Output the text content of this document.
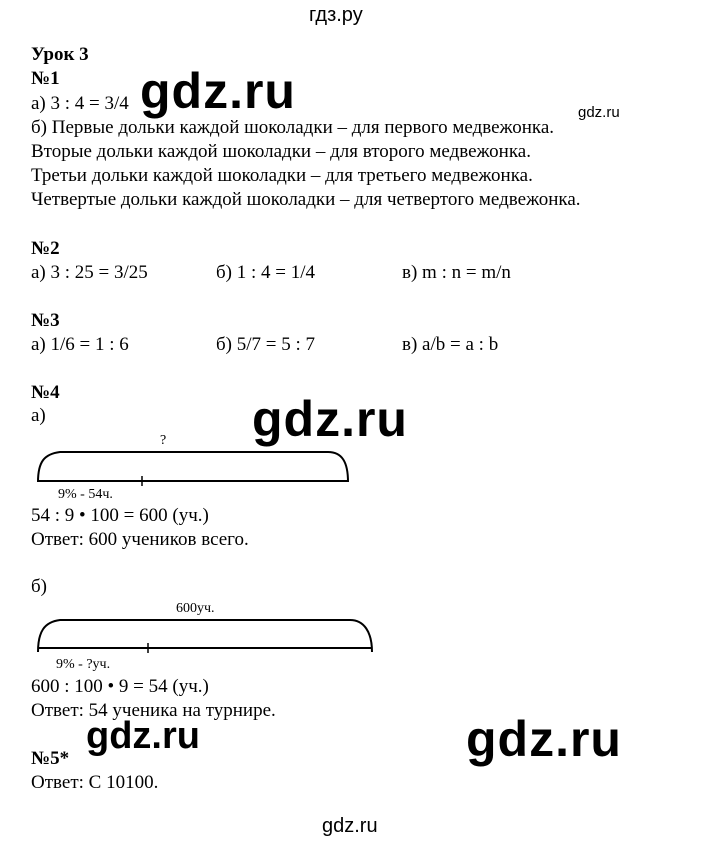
гдз.ру
Урок 3
№1
а) 3 : 4 = 3/4
б) Первые дольки каждой шоколадки – для первого медвежонка.
Вторые дольки каждой шоколадки – для второго медвежонка.
Третьи дольки каждой шоколадки – для третьего медвежонка.
Четвертые дольки каждой шоколадки – для четвертого медвежонка.
gdz.ru	gdz.ru
№2
а) 3 : 25 = 3/25	б) 1 : 4 = 1/4	в) m : n = m/n
№3
а) 1/6 = 1 : 6	б) 5/7 = 5 : 7	в) a/b = a : b
№4
а)	gdz.ru
?
9% - 54ч.
54 : 9 • 100 = 600 (уч.)
Ответ: 600 учеников всего.
б)
600уч.
9% - ?уч.
600 : 100 • 9 = 54 (уч.)
Ответ: 54 ученика на турнире.
gdz.ru	gdz.ru
№5*
Ответ: С 10100.
gdz.ru
